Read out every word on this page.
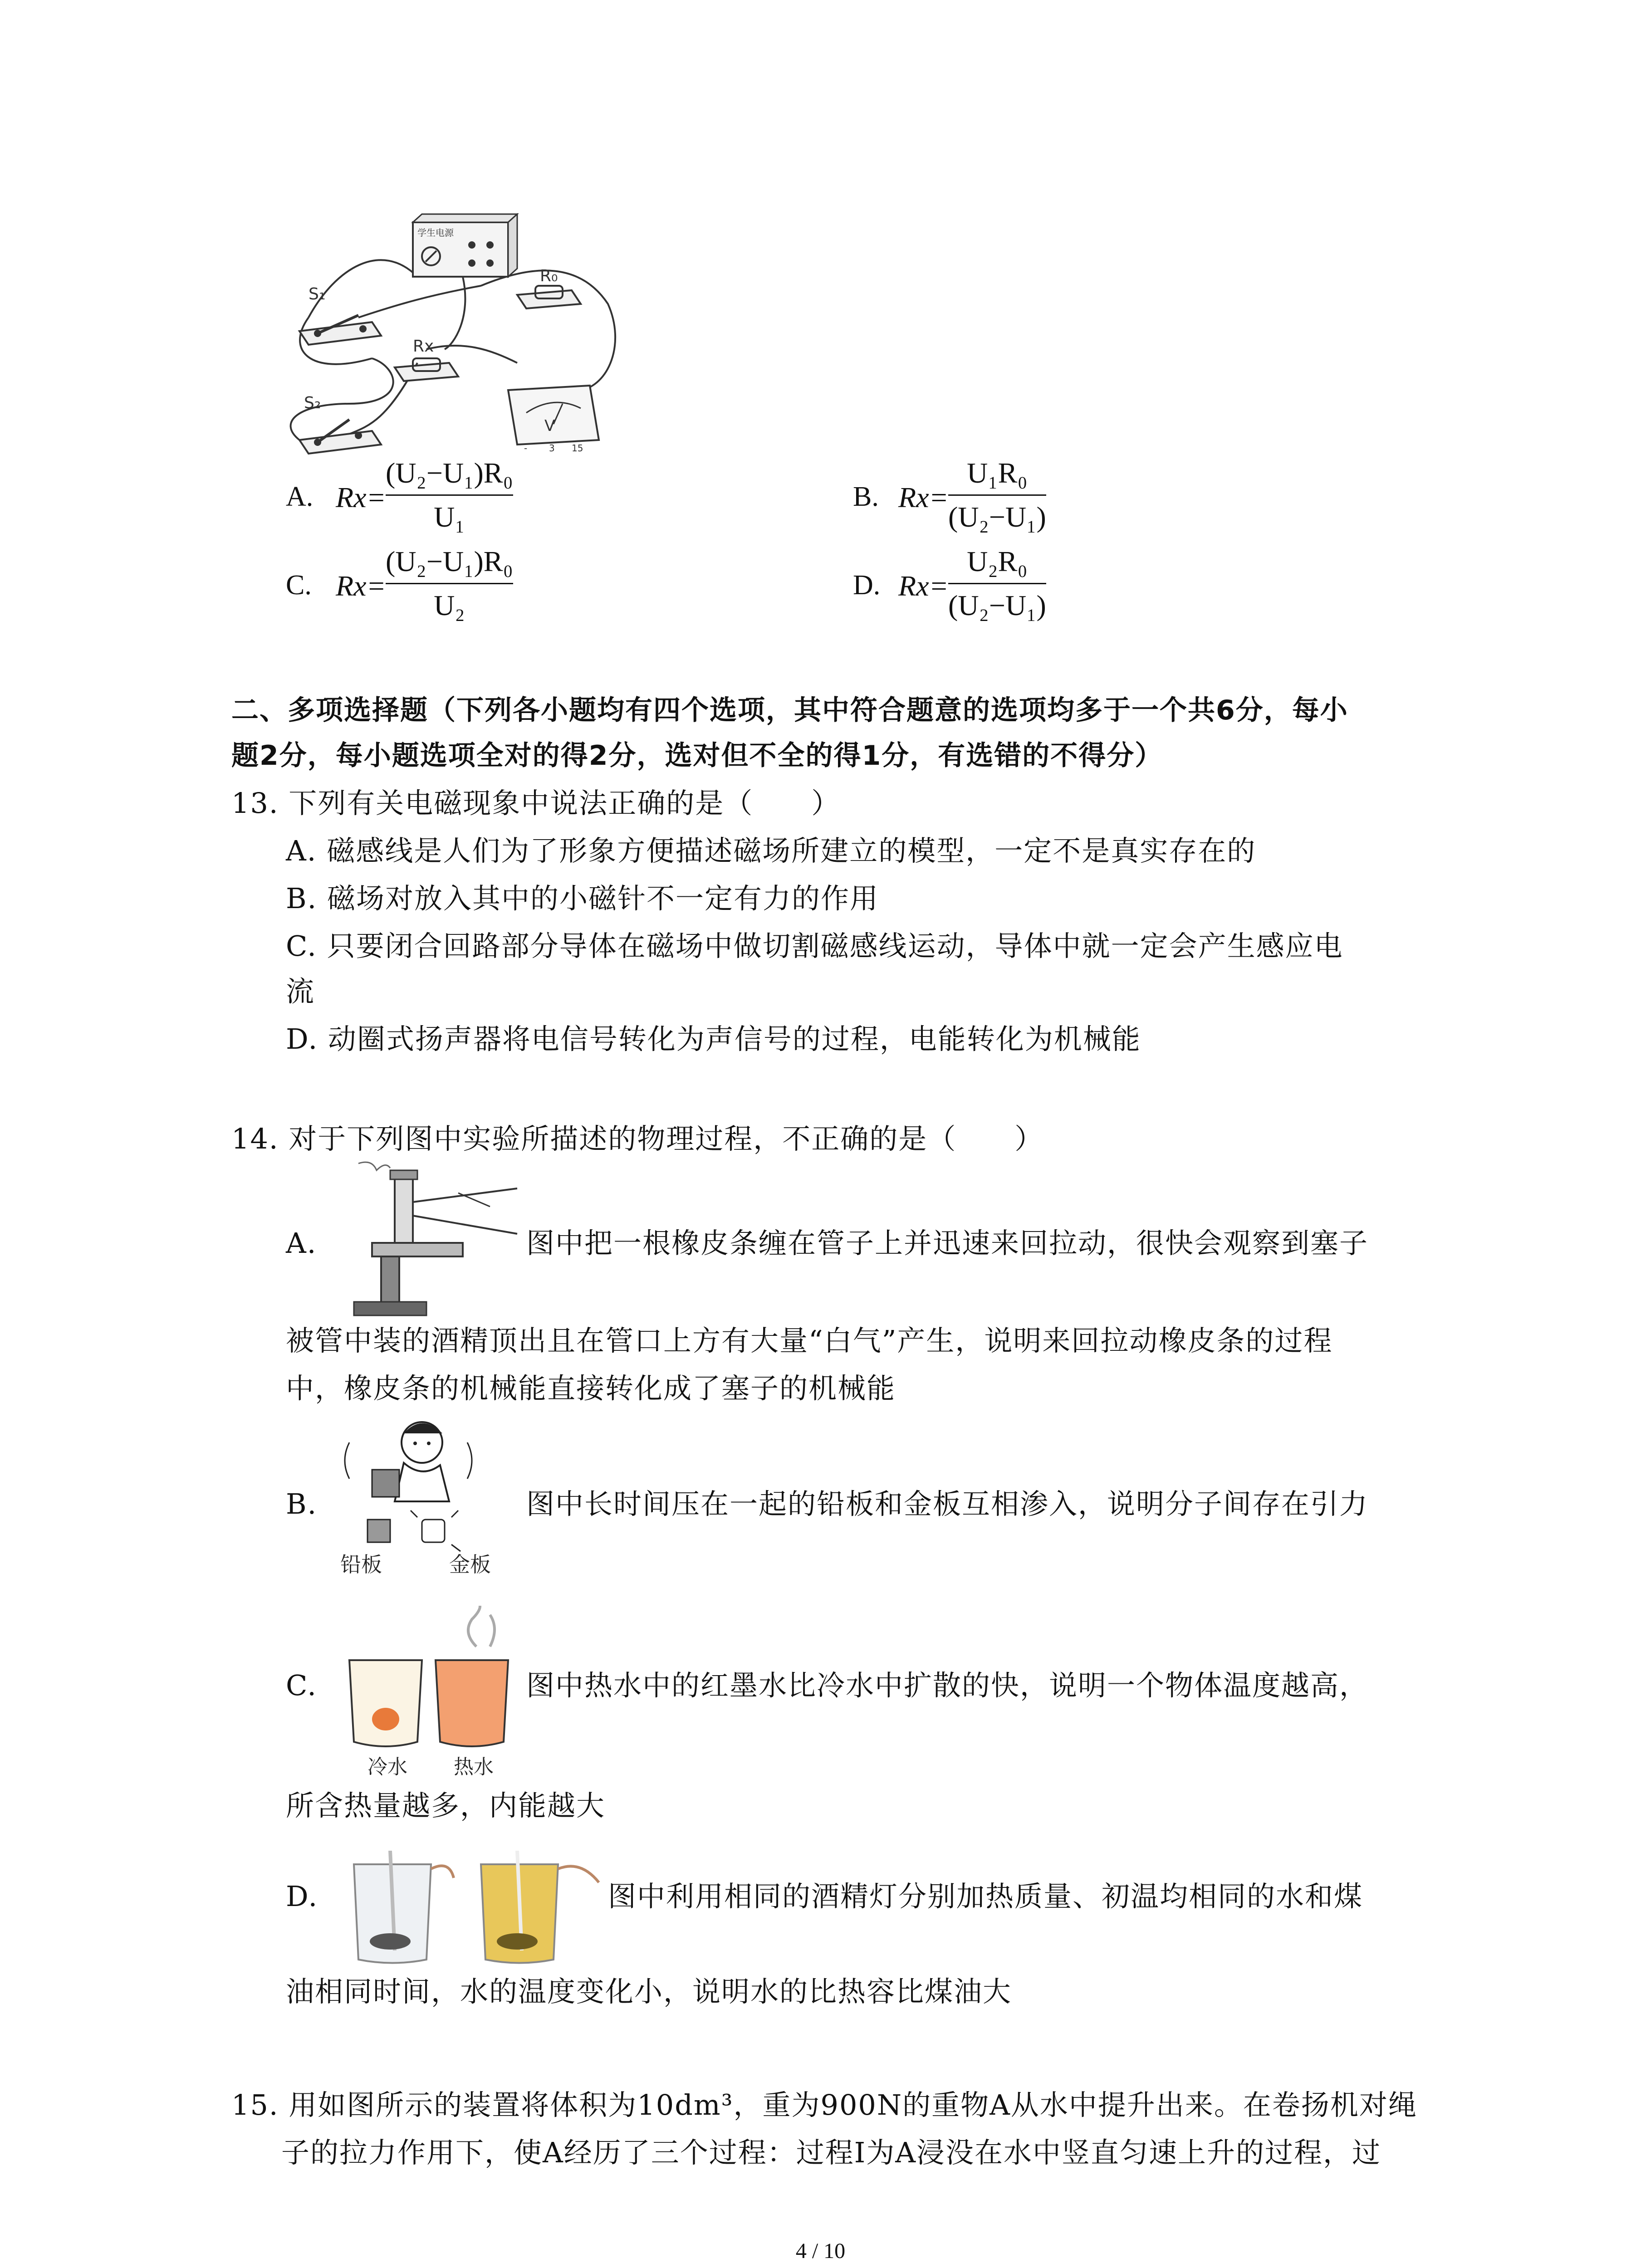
学生电源
S₁
R₀
Rx
S₂
V
- 3 15
A. Rx=
(U₂−U₁)R₀
U₁
B. Rx=
U₁R₀
(U₂−U₁)
C. Rx=
(U₂−U₁)R₀
U₂
D. Rx=
U₂R₀
(U₂−U₁)
二、多项选择题（下列各小题均有四个选项，其中符合题意的选项均多于一个共6分，每小
题2分，每小题选项全对的得2分，选对但不全的得1分，有选错的不得分）
13. 下列有关电磁现象中说法正确的是（　　）
A. 磁感线是人们为了形象方便描述磁场所建立的模型，一定不是真实存在的
B. 磁场对放入其中的小磁针不一定有力的作用
C. 只要闭合回路部分导体在磁场中做切割磁感线运动，导体中就一定会产生感应电
流
D. 动圈式扬声器将电信号转化为声信号的过程，电能转化为机械能
14. 对于下列图中实验所描述的物理过程，不正确的是（　　）
A.	图中把一根橡皮条缠在管子上并迅速来回拉动，很快会观察到塞子
被管中装的酒精顶出且在管口上方有大量“白气”产生，说明来回拉动橡皮条的过程
中，橡皮条的机械能直接转化成了塞子的机械能
B.
铅板	金板
图中长时间压在一起的铅板和金板互相渗入，说明分子间存在引力
C.
冷水 热水
图中热水中的红墨水比冷水中扩散的快，说明一个物体温度越高，
所含热量越多，内能越大
D.	图中利用相同的酒精灯分别加热质量、初温均相同的水和煤
油相同时间，水的温度变化小，说明水的比热容比煤油大
15. 用如图所示的装置将体积为10dm³，重为900N的重物A从水中提升出来。在卷扬机对绳
子的拉力作用下，使A经历了三个过程：过程I为A浸没在水中竖直匀速上升的过程，过
4 / 10
